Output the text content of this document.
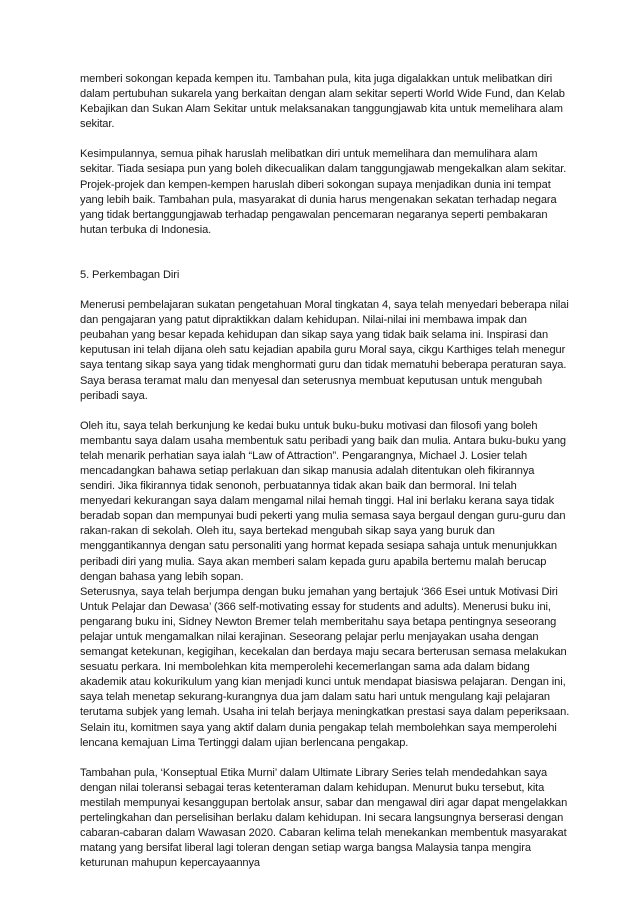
memberi sokongan kepada kempen itu. Tambahan pula, kita juga digalakkan untuk melibatkan diri dalam pertubuhan sukarela yang berkaitan dengan alam sekitar seperti World Wide Fund, dan Kelab Kebajikan dan Sukan Alam Sekitar untuk melaksanakan tanggungjawab kita untuk memelihara alam sekitar.

Kesimpulannya, semua pihak haruslah melibatkan diri untuk memelihara dan memulihara alam sekitar. Tiada sesiapa pun yang boleh dikecualikan dalam tanggungjawab mengekalkan alam sekitar. Projek-projek dan kempen-kempen haruslah diberi sokongan supaya menjadikan dunia ini tempat yang lebih baik. Tambahan pula, masyarakat di dunia harus mengenakan sekatan terhadap negara yang tidak bertanggungjawab terhadap pengawalan pencemaran negaranya seperti pembakaran hutan terbuka di Indonesia.

5. Perkembagan Diri

Menerusi pembelajaran sukatan pengetahuan Moral tingkatan 4, saya telah menyedari beberapa nilai dan pengajaran yang patut dipraktikkan dalam kehidupan. Nilai-nilai ini membawa impak dan peubahan yang besar kepada kehidupan dan sikap saya yang tidak baik selama ini. Inspirasi dan keputusan ini telah dijana oleh satu kejadian apabila guru Moral saya, cikgu Karthiges telah menegur saya tentang sikap saya yang tidak menghormati guru dan tidak mematuhi beberapa peraturan saya. Saya berasa teramat malu dan menyesal dan seterusnya membuat keputusan untuk mengubah peribadi saya.

Oleh itu, saya telah berkunjung ke kedai buku untuk buku-buku motivasi dan filosofi yang boleh membantu saya dalam usaha membentuk satu peribadi yang baik dan mulia. Antara buku-buku yang telah menarik perhatian saya ialah “Law of Attraction”. Pengarangnya, Michael J. Losier telah mencadangkan bahawa setiap perlakuan dan sikap manusia adalah ditentukan oleh fikirannya sendiri. Jika fikirannya tidak senonoh, perbuatannya tidak akan baik dan bermoral. Ini telah menyedari kekurangan saya dalam mengamal nilai hemah tinggi. Hal ini berlaku kerana saya tidak beradab sopan dan mempunyai budi pekerti yang mulia semasa saya bergaul dengan guru-guru dan rakan-rakan di sekolah. Oleh itu, saya bertekad mengubah sikap saya yang buruk dan menggantikannya dengan satu personaliti yang hormat kepada sesiapa sahaja untuk menunjukkan peribadi diri yang mulia. Saya akan memberi salam kepada guru apabila bertemu malah berucap dengan bahasa yang lebih sopan.

Seterusnya, saya telah berjumpa dengan buku jemahan yang bertajuk ‘366 Esei untuk Motivasi Diri Untuk Pelajar dan Dewasa’ (366 self-motivating essay for students and adults). Menerusi buku ini, pengarang buku ini, Sidney Newton Bremer telah memberitahu saya betapa pentingnya seseorang pelajar untuk mengamalkan nilai kerajinan. Seseorang pelajar perlu menjayakan usaha dengan semangat ketekunan, kegigihan, kecekalan dan berdaya maju secara berterusan semasa melakukan sesuatu perkara. Ini membolehkan kita memperolehi kecemerlangan sama ada dalam bidang akademik atau kokurikulum yang kian menjadi kunci untuk mendapat biasiswa pelajaran. Dengan ini, saya telah menetap sekurang-kurangnya dua jam dalam satu hari untuk mengulang kaji pelajaran terutama subjek yang lemah. Usaha ini telah berjaya meningkatkan prestasi saya dalam peperiksaan. Selain itu, komitmen saya yang aktif dalam dunia pengakap telah membolehkan saya memperolehi lencana kemajuan Lima Tertinggi dalam ujian berlencana pengakap.

Tambahan pula, ‘Konseptual Etika Murni’ dalam Ultimate Library Series telah mendedahkan saya dengan nilai toleransi sebagai teras ketenteraman dalam kehidupan. Menurut buku tersebut, kita mestilah mempunyai kesanggupan bertolak ansur, sabar dan mengawal diri agar dapat mengelakkan pertelingkahan dan perselisihan berlaku dalam kehidupan. Ini secara langsungnya berserasi dengan cabaran-cabaran dalam Wawasan 2020. Cabaran kelima telah menekankan membentuk masyarakat matang yang bersifat liberal lagi toleran dengan setiap warga bangsa Malaysia tanpa mengira keturunan mahupun kepercayaannya
